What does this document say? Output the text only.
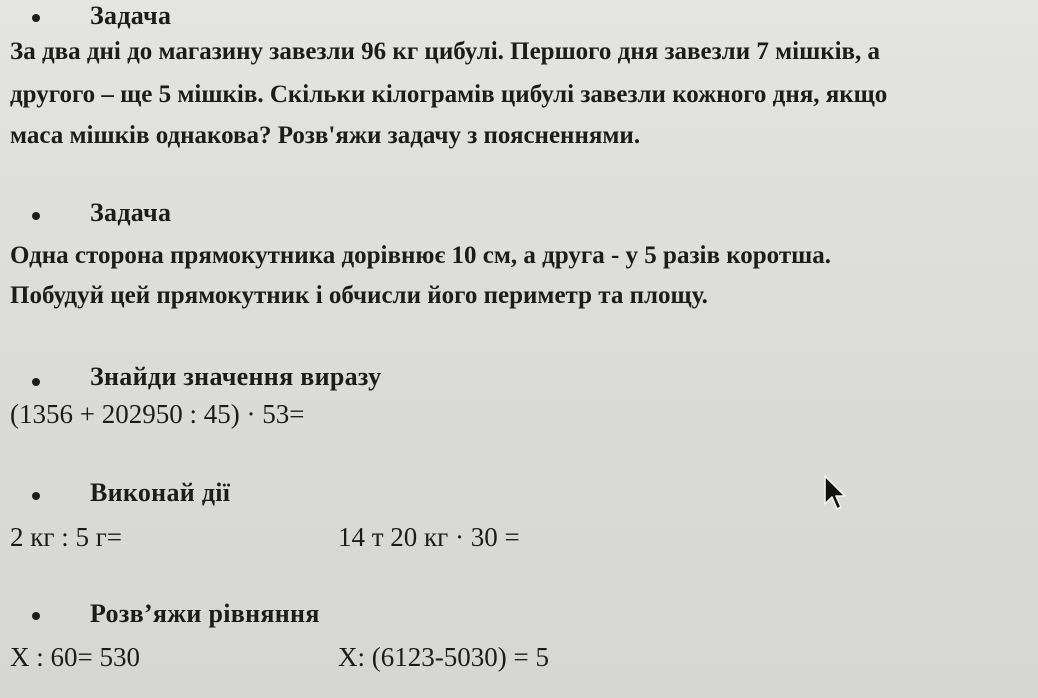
Задача
За два дні до магазину завезли 96 кг цибулі. Першого дня завезли 7 мішків, а
другого – ще 5 мішків. Скільки кілограмів цибулі завезли кожного дня, якщо
маса мішків однакова? Розв'яжи задачу з поясненнями.
Задача
Одна сторона прямокутника дорівнює 10 см, а друга - у 5 разів коротша.
Побудуй цей прямокутник і обчисли його периметр та площу.
Знайди значення виразу
(1356 + 202950 : 45) · 53=
Виконай дії
2 кг : 5 г=	14 т 20 кг · 30 =
Розв’яжи рівняння
Х : 60= 530	Х: (6123-5030) = 5
